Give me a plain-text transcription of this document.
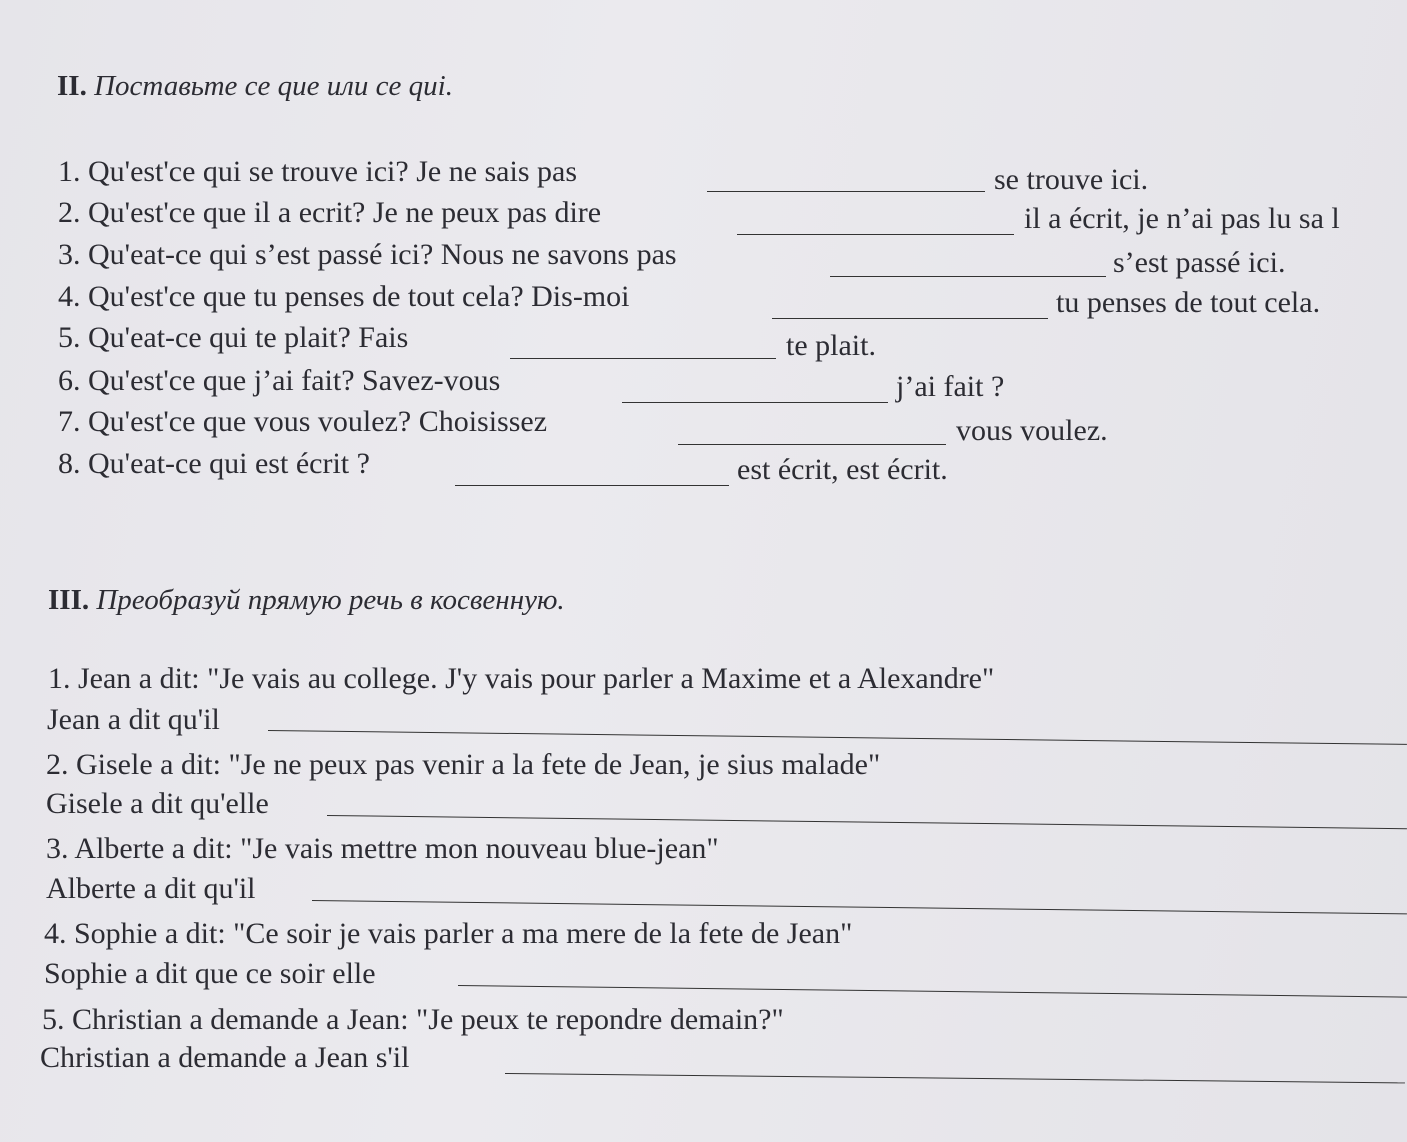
II. Поставьте ce que или ce qui.
1. Qu'est'ce qui se trouve ici? Je ne sais pas	se trouve ici.
2. Qu'est'ce que il a ecrit? Je ne peux pas dire	il a écrit, je n’ai pas lu sa l
3. Qu'eat-ce qui s’est passé ici? Nous ne savons pas	s’est passé ici.
4. Qu'est'ce que tu penses de tout cela? Dis-moi	tu penses de tout cela.
5. Qu'eat-ce qui te plait? Fais	te plait.
6. Qu'est'ce que j’ai fait? Savez-vous	j’ai fait ?
7. Qu'est'ce que vous voulez? Choisissez	vous voulez.
8. Qu'eat-ce qui est écrit ?	est écrit, est écrit.
III. Преобразуй прямую речь в косвенную.
1. Jean a dit: "Je vais au college. J'y vais pour parler a Maxime et a Alexandre"
Jean a dit qu'il
2. Gisele a dit: "Je ne peux pas venir a la fete de Jean, je sius malade"
Gisele a dit qu'elle
3. Alberte a dit: "Je vais mettre mon nouveau blue-jean"
Alberte a dit qu'il
4. Sophie a dit: "Ce soir je vais parler a ma mere de la fete de Jean"
Sophie a dit que ce soir elle
5. Christian a demande a Jean: "Je peux te repondre demain?"
Christian a demande a Jean s'il
